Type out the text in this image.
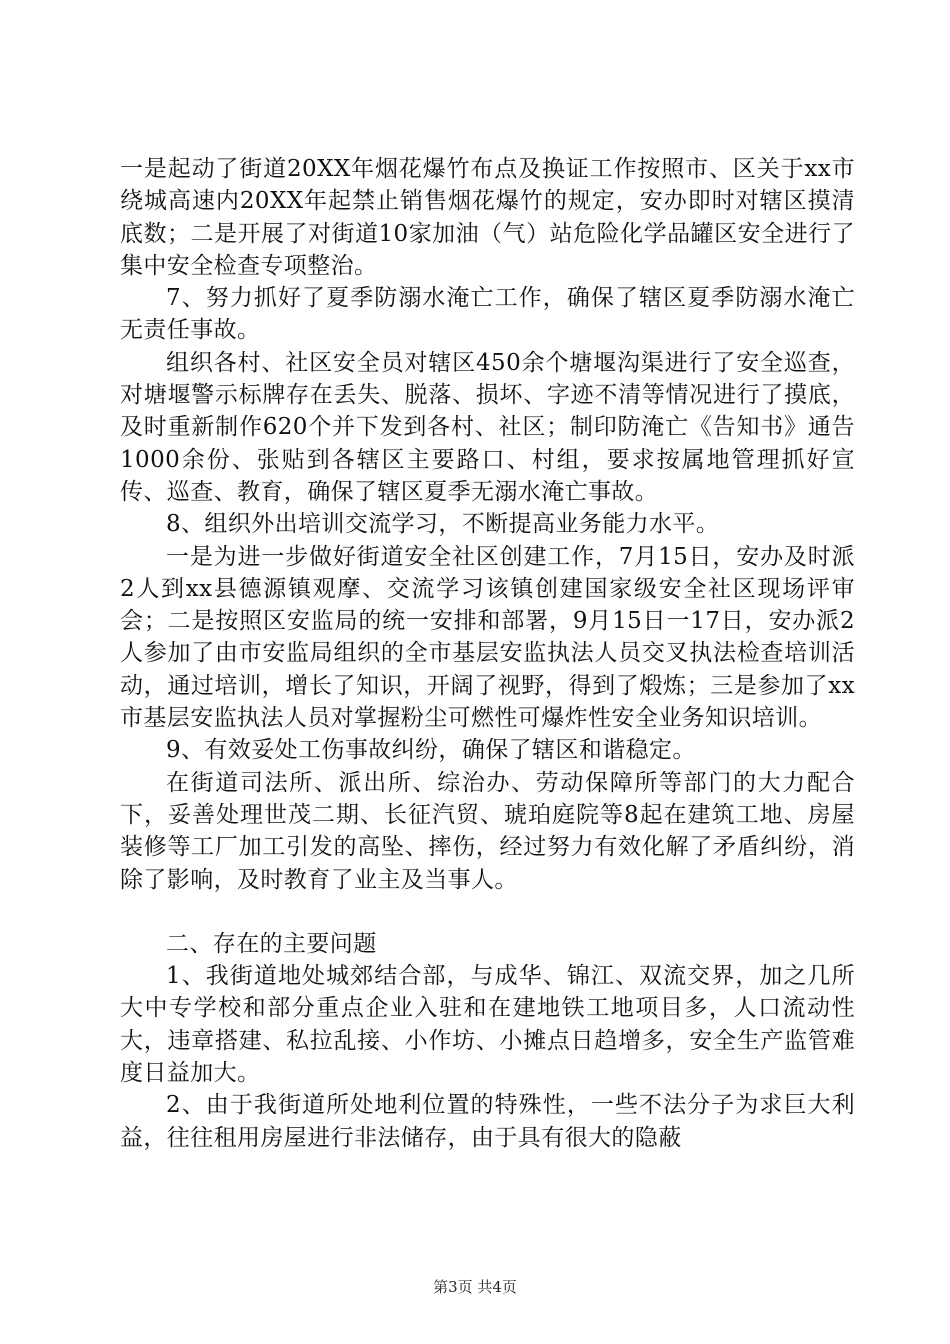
一是起动了街道20XX年烟花爆竹布点及换证工作按照市、区关于xx市绕城高速内20XX年起禁止销售烟花爆竹的规定，安办即时对辖区摸清底数；二是开展了对街道10家加油（气）站危险化学品罐区安全进行了集中安全检查专项整治。

7、努力抓好了夏季防溺水淹亡工作，确保了辖区夏季防溺水淹亡无责任事故。

组织各村、社区安全员对辖区450余个塘堰沟渠进行了安全巡查，对塘堰警示标牌存在丢失、脱落、损坏、字迹不清等情况进行了摸底，及时重新制作620个并下发到各村、社区；制印防淹亡《告知书》通告1000余份、张贴到各辖区主要路口、村组，要求按属地管理抓好宣传、巡查、教育，确保了辖区夏季无溺水淹亡事故。

8、组织外出培训交流学习，不断提高业务能力水平。

一是为进一步做好街道安全社区创建工作，7月15日，安办及时派2人到xx县德源镇观摩、交流学习该镇创建国家级安全社区现场评审会；二是按照区安监局的统一安排和部署，9月15日一17日，安办派2人参加了由市安监局组织的全市基层安监执法人员交叉执法检查培训活动，通过培训，增长了知识，开阔了视野，得到了煅炼；三是参加了xx市基层安监执法人员对掌握粉尘可燃性可爆炸性安全业务知识培训。

9、有效妥处工伤事故纠纷，确保了辖区和谐稳定。

在街道司法所、派出所、综治办、劳动保障所等部门的大力配合下，妥善处理世茂二期、长征汽贸、琥珀庭院等8起在建筑工地、房屋装修等工厂加工引发的高坠、摔伤，经过努力有效化解了矛盾纠纷，消除了影响，及时教育了业主及当事人。

二、存在的主要问题

1、我街道地处城郊结合部，与成华、锦江、双流交界，加之几所大中专学校和部分重点企业入驻和在建地铁工地项目多，人口流动性大，违章搭建、私拉乱接、小作坊、小摊点日趋增多，安全生产监管难度日益加大。

2、由于我街道所处地利位置的特殊性，一些不法分子为求巨大利益，往往租用房屋进行非法储存，由于具有很大的隐蔽

第3页 共4页
